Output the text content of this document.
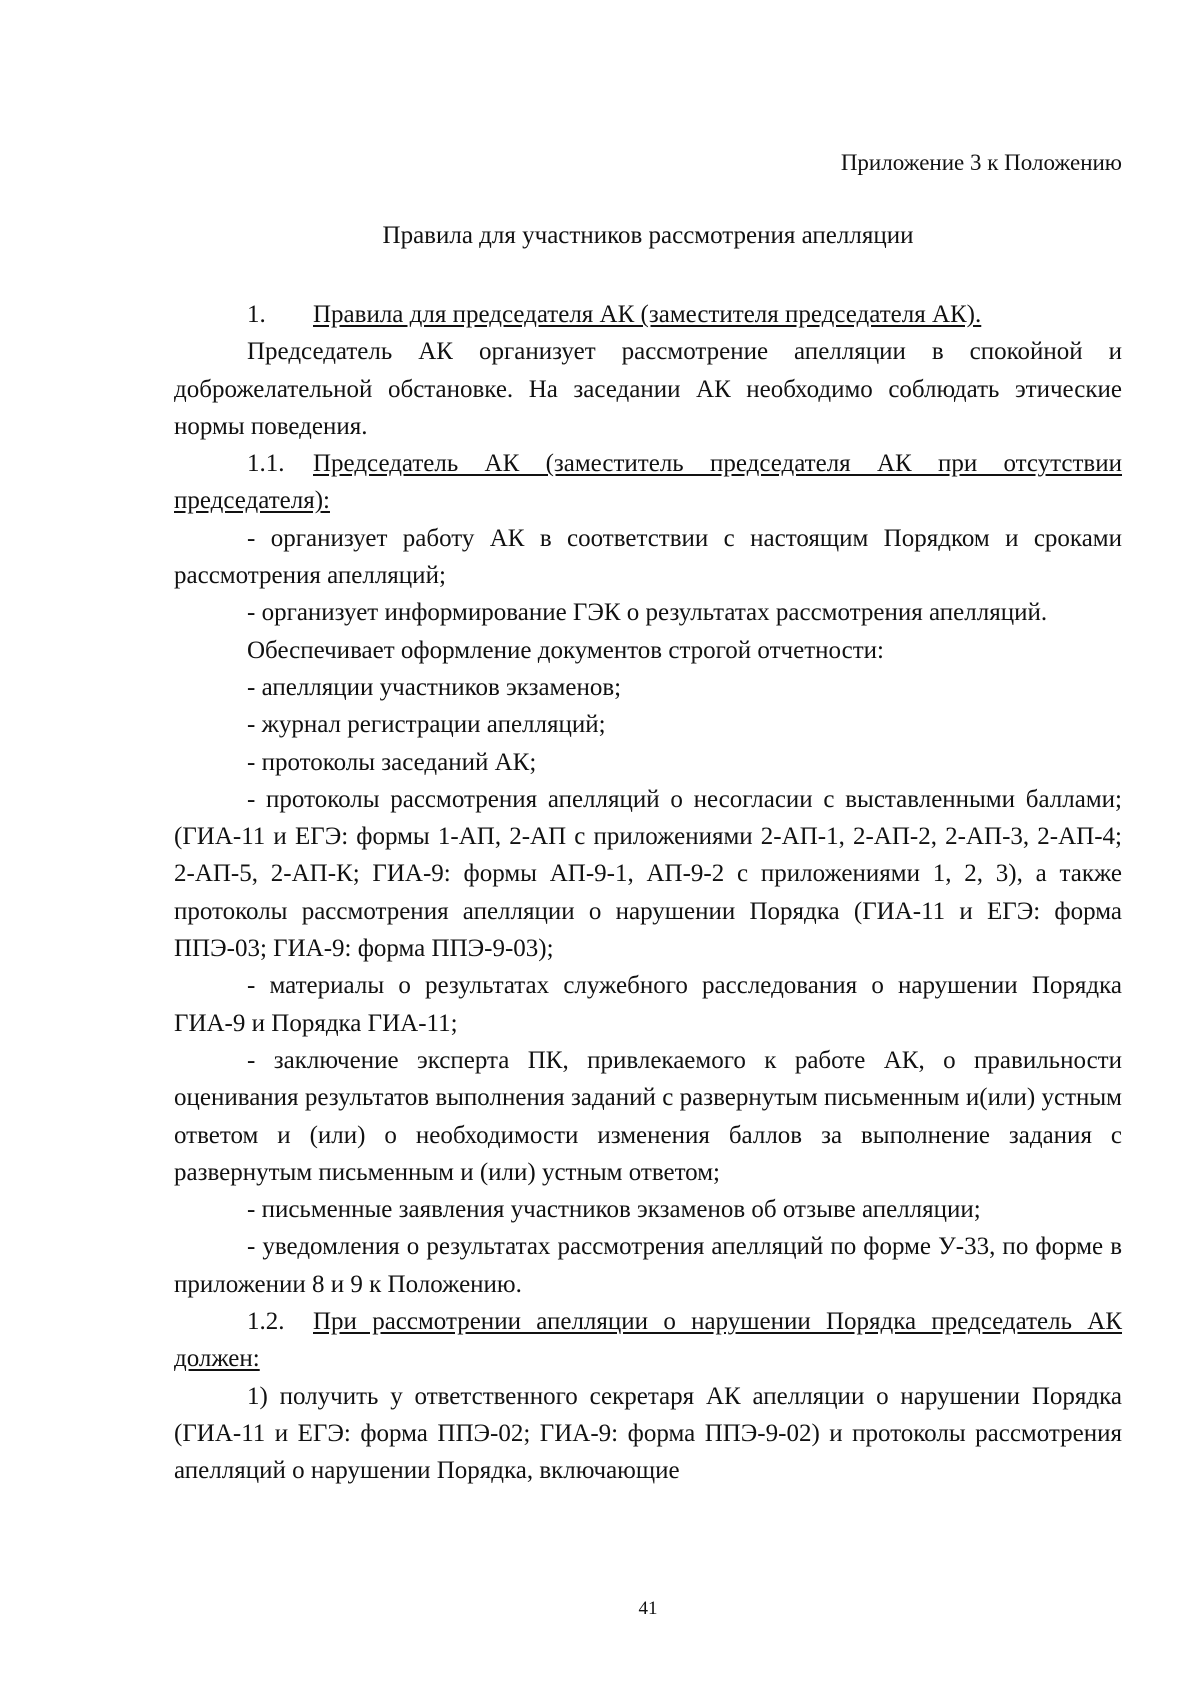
Приложение 3 к Положению
Правила для участников рассмотрения апелляции

1. Правила для председателя АК (заместителя председателя АК).

Председатель АК организует рассмотрение апелляции в спокойной и доброжелательной обстановке. На заседании АК необходимо соблюдать этические нормы поведения.

1.1. Председатель АК (заместитель председателя АК при отсутствии председателя):

- организует работу АК в соответствии с настоящим Порядком и сроками рассмотрения апелляций;

- организует информирование ГЭК о результатах рассмотрения апелляций.

Обеспечивает оформление документов строгой отчетности:

- апелляции участников экзаменов;

- журнал регистрации апелляций;

- протоколы заседаний АК;

- протоколы рассмотрения апелляций о несогласии с выставленными баллами; (ГИА-11 и ЕГЭ: формы 1-АП, 2-АП с приложениями 2-АП-1, 2-АП-2, 2-АП-3, 2-АП-4; 2-АП-5, 2-АП-К; ГИА-9: формы АП-9-1, АП-9-2 с приложениями 1, 2, 3), а также протоколы рассмотрения апелляции о нарушении Порядка (ГИА-11 и ЕГЭ: форма ППЭ-03; ГИА-9: форма ППЭ-9-03);

- материалы о результатах служебного расследования о нарушении Порядка ГИА-9 и Порядка ГИА-11;

- заключение эксперта ПК, привлекаемого к работе АК, о правильности оценивания результатов выполнения заданий с развернутым письменным и(или) устным ответом и (или) о необходимости изменения баллов за выполнение задания с развернутым письменным и (или) устным ответом;

- письменные заявления участников экзаменов об отзыве апелляции;

- уведомления о результатах рассмотрения апелляций по форме У-33, по форме в приложении 8 и 9 к Положению.

1.2. При рассмотрении апелляции о нарушении Порядка председатель АК должен:

1) получить у ответственного секретаря АК апелляции о нарушении Порядка (ГИА-11 и ЕГЭ: форма ППЭ-02; ГИА-9: форма ППЭ-9-02) и протоколы рассмотрения апелляций о нарушении Порядка, включающие

41
